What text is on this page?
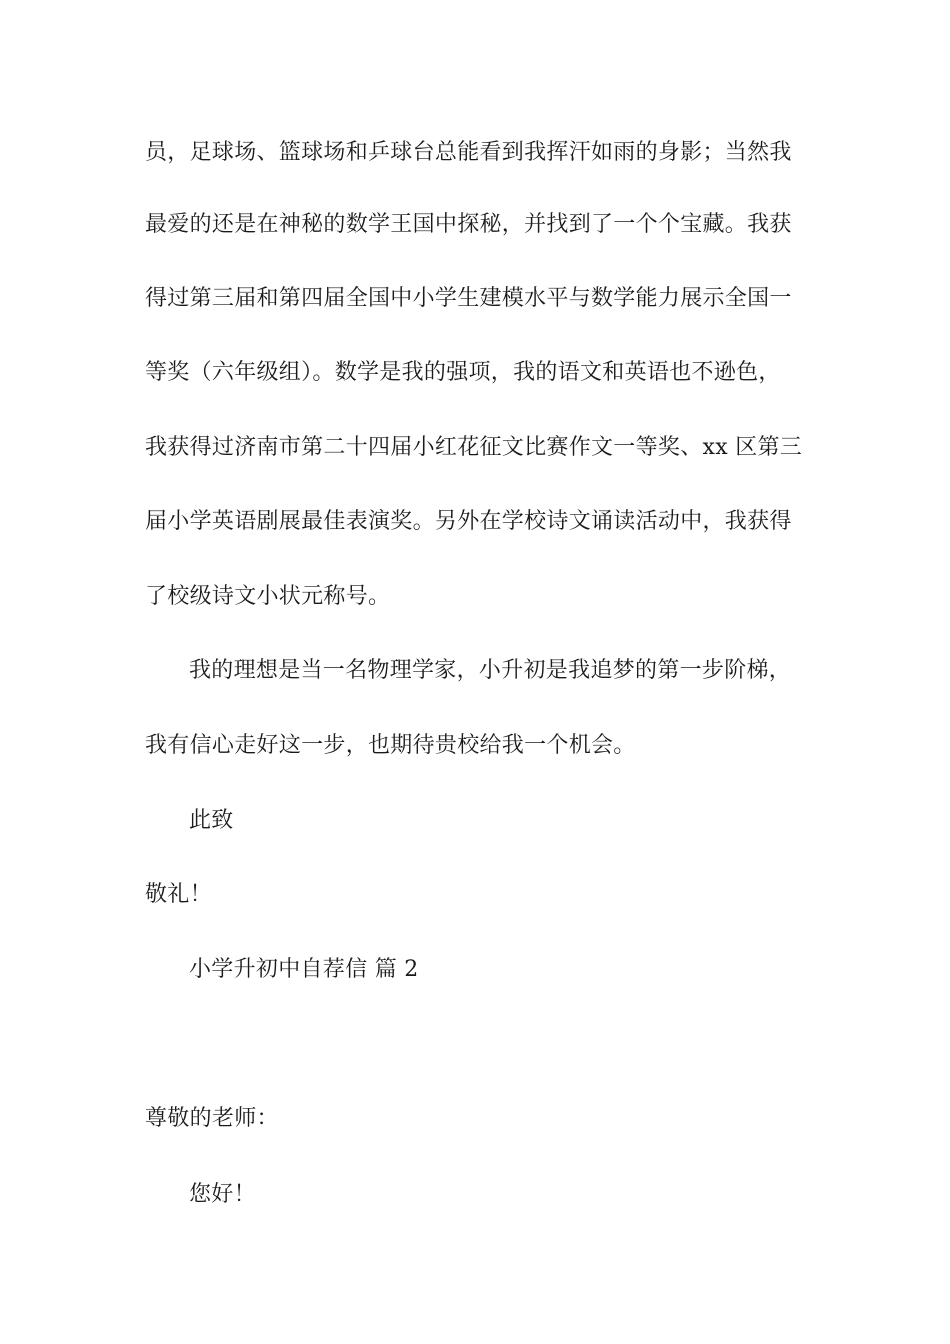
员，足球场、篮球场和乒球台总能看到我挥汗如雨的身影；当然我
最爱的还是在神秘的数学王国中探秘，并找到了一个个宝藏。我获
得过第三届和第四届全国中小学生建模水平与数学能力展示全国一
等奖（六年级组）。数学是我的强项，我的语文和英语也不逊色，
我获得过济南市第二十四届小红花征文比赛作文一等奖、xx 区第三
届小学英语剧展最佳表演奖。另外在学校诗文诵读活动中，我获得
了校级诗文小状元称号。
我的理想是当一名物理学家，小升初是我追梦的第一步阶梯，
我有信心走好这一步，也期待贵校给我一个机会。
此致
敬礼！
小学升初中自荐信 篇 2
尊敬的老师：
您好！
